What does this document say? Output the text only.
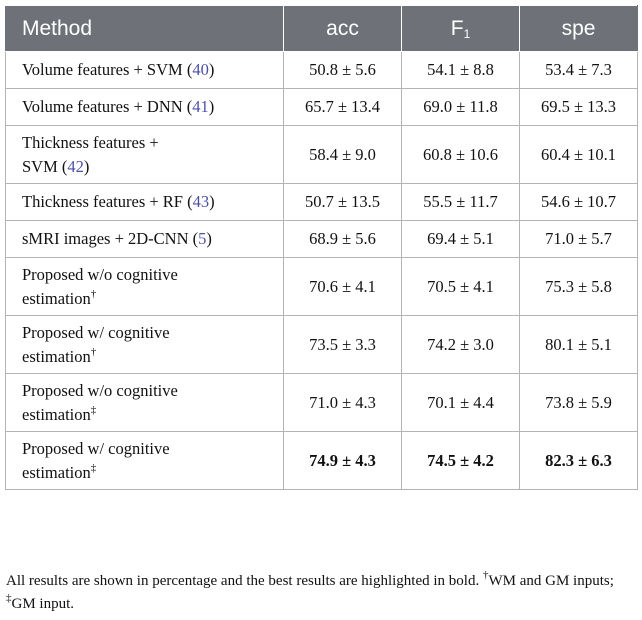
Method	acc	$F_1$	spe
Volume features + SVM (40)	50.8 ± 5.6	54.1 ± 8.8	53.4 ± 7.3
Volume features + DNN (41)	65.7 ± 13.4	69.0 ± 11.8	69.5 ± 13.3
Thickness features +
SVM (42)	58.4 ± 9.0	60.8 ± 10.6	60.4 ± 10.1
Thickness features + RF (43)	50.7 ± 13.5	55.5 ± 11.7	54.6 ± 10.7
sMRI images + 2D-CNN (5)	68.9 ± 5.6	69.4 ± 5.1	71.0 ± 5.7
Proposed w/o cognitive
estimation†	70.6 ± 4.1	70.5 ± 4.1	75.3 ± 5.8
Proposed w/ cognitive
estimation†	73.5 ± 3.3	74.2 ± 3.0	80.1 ± 5.1
Proposed w/o cognitive
estimation‡	71.0 ± 4.3	70.1 ± 4.4	73.8 ± 5.9
Proposed w/ cognitive
estimation‡	74.9 ± 4.3	74.5 ± 4.2	82.3 ± 6.3
All results are shown in percentage and the best results are highlighted in bold. †WM and GM inputs; ‡GM input.
